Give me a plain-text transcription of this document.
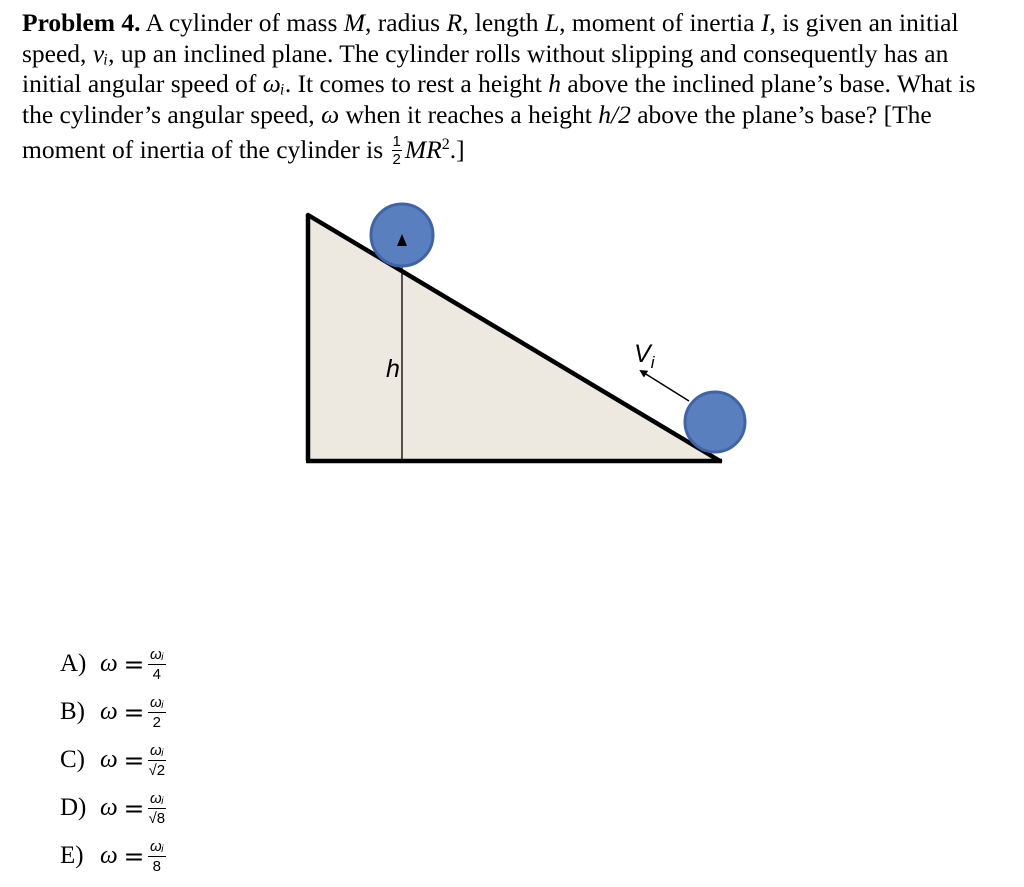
Problem 4. A cylinder of mass M, radius R, length L, moment of inertia I, is given an initial speed, vᵢ, up an inclined plane. The cylinder rolls without slipping and consequently has an initial angular speed of ωᵢ. It comes to rest a height h above the inclined plane’s base. What is the cylinder’s angular speed, ω when it reaches a height h/2 above the plane’s base? [The moment of inertia of the cylinder is $\frac{1}{2} MR^2$.]

h
$V_i$
A) $\omega = \frac{\text{ωᵢ}}{4}$
B) $\omega = \frac{\text{ωᵢ}}{2}$
C) $\omega = \frac{\text{ωᵢ}}{√2}$
D) $\omega = \frac{\text{ωᵢ}}{√8}$
E) $\omega = \frac{\text{ωᵢ}}{8}$
